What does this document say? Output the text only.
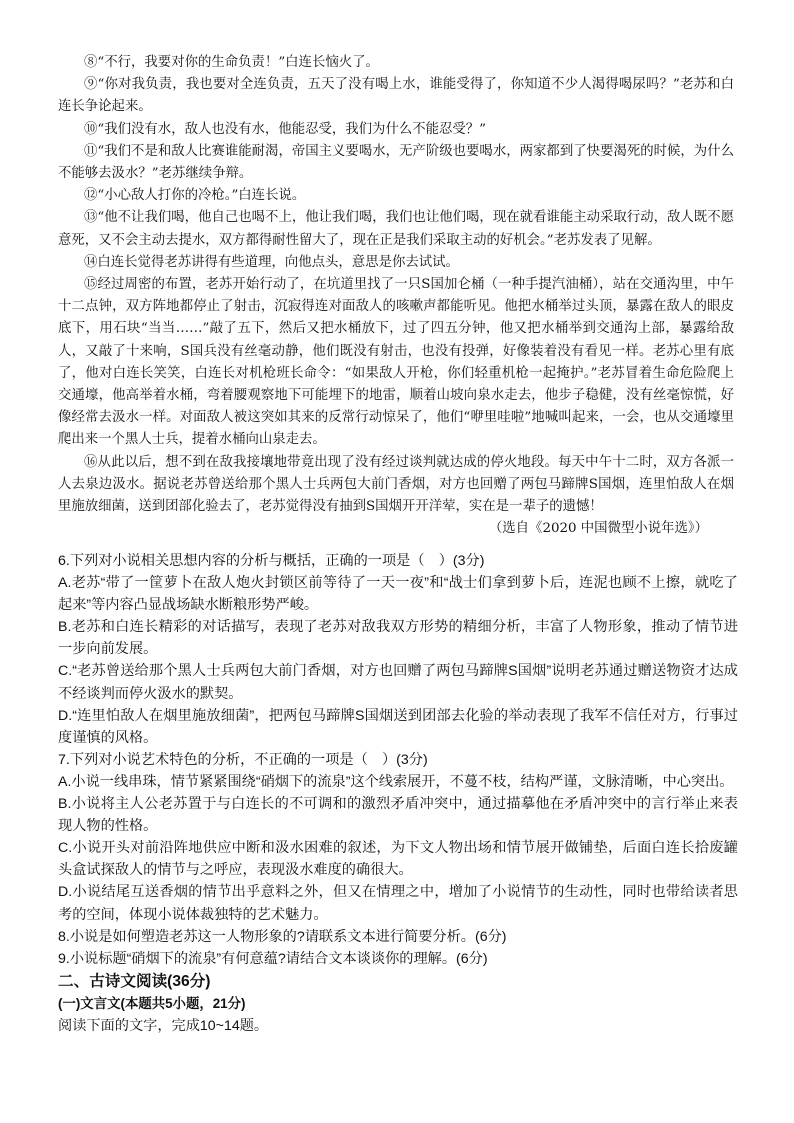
⑧“不行，我要对你的生命负责！”白连长恼火了。

⑨“你对我负责，我也要对全连负责，五天了没有喝上水，谁能受得了，你知道不少人渴得喝尿吗？”老苏和白连长争论起来。

⑩“我们没有水，敌人也没有水，他能忍受，我们为什么不能忍受？”

⑪“我们不是和敌人比赛谁能耐渴，帝国主义要喝水，无产阶级也要喝水，两家都到了快要渴死的时候，为什么不能够去汲水？”老苏继续争辩。

⑫“小心敌人打你的冷枪。”白连长说。

⑬“他不让我们喝，他自己也喝不上，他让我们喝，我们也让他们喝，现在就看谁能主动采取行动，敌人既不愿意死，又不会主动去提水，双方都得耐性留大了，现在正是我们采取主动的好机会。”老苏发表了见解。

⑭白连长觉得老苏讲得有些道理，向他点头，意思是你去试试。

⑮经过周密的布置，老苏开始行动了，在坑道里找了一只S国加仑桶（一种手提汽油桶），站在交通沟里，中午十二点钟，双方阵地都停止了射击，沉寂得连对面敌人的咳嗽声都能听见。他把水桶举过头顶，暴露在敌人的眼皮底下，用石块“当当……”敲了五下，然后又把水桶放下，过了四五分钟，他又把水桶举到交通沟上部，暴露给敌人，又敲了十来响，S国兵没有丝毫动静，他们既没有射击，也没有投弹，好像装着没有看见一样。老苏心里有底了，他对白连长笑笑，白连长对机枪班长命令：“如果敌人开枪，你们轻重机枪一起掩护。”老苏冒着生命危险爬上交通壕，他高举着水桶，弯着腰观察地下可能埋下的地雷，顺着山坡向泉水走去，他步子稳健，没有丝毫惊慌，好像经常去汲水一样。对面敌人被这突如其来的反常行动惊呆了，他们“咿里哇啦”地喊叫起来，一会，也从交通壕里爬出来一个黑人士兵，提着水桶向山泉走去。

⑯从此以后，想不到在敌我接壤地带竟出现了没有经过谈判就达成的停火地段。每天中午十二时，双方各派一人去泉边汲水。据说老苏曾送给那个黑人士兵两包大前门香烟，对方也回赠了两包马蹄牌S国烟，连里怕敌人在烟里施放细菌，送到团部化验去了，老苏觉得没有抽到S国烟开开洋荤，实在是一辈子的遗憾！

（选自《2020 中国微型小说年选》）

6.下列对小说相关思想内容的分析与概括，正确的一项是（　）(3分)

A.老苏“带了一筐萝卜在敌人炮火封锁区前等待了一天一夜”和“战士们拿到萝卜后，连泥也顾不上擦，就吃了起来”等内容凸显战场缺水断粮形势严峻。

B.老苏和白连长精彩的对话描写，表现了老苏对敌我双方形势的精细分析，丰富了人物形象，推动了情节进一步向前发展。

C.“老苏曾送给那个黑人士兵两包大前门香烟，对方也回赠了两包马蹄牌S国烟”说明老苏通过赠送物资才达成不经谈判而停火汲水的默契。

D.“连里怕敌人在烟里施放细菌”，把两包马蹄牌S国烟送到团部去化验的举动表现了我军不信任对方，行事过度谨慎的风格。

7.下列对小说艺术特色的分析，不正确的一项是（　）(3分)

A.小说一线串珠，情节紧紧围绕“硝烟下的流泉”这个线索展开，不蔓不枝，结构严谨，文脉清晰，中心突出。

B.小说将主人公老苏置于与白连长的不可调和的激烈矛盾冲突中，通过描摹他在矛盾冲突中的言行举止来表现人物的性格。

C.小说开头对前沿阵地供应中断和汲水困难的叙述，为下文人物出场和情节展开做铺垫，后面白连长拾废罐头盒试探敌人的情节与之呼应，表现汲水难度的确很大。

D.小说结尾互送香烟的情节出乎意料之外，但又在情理之中，增加了小说情节的生动性，同时也带给读者思考的空间，体现小说体裁独特的艺术魅力。

8.小说是如何塑造老苏这一人物形象的?请联系文本进行简要分析。(6分)

9.小说标题“硝烟下的流泉”有何意蕴?请结合文本谈谈你的理解。(6分)

二、古诗文阅读(36分)

(一)文言文(本题共5小题，21分)

阅读下面的文字，完成10~14题。
